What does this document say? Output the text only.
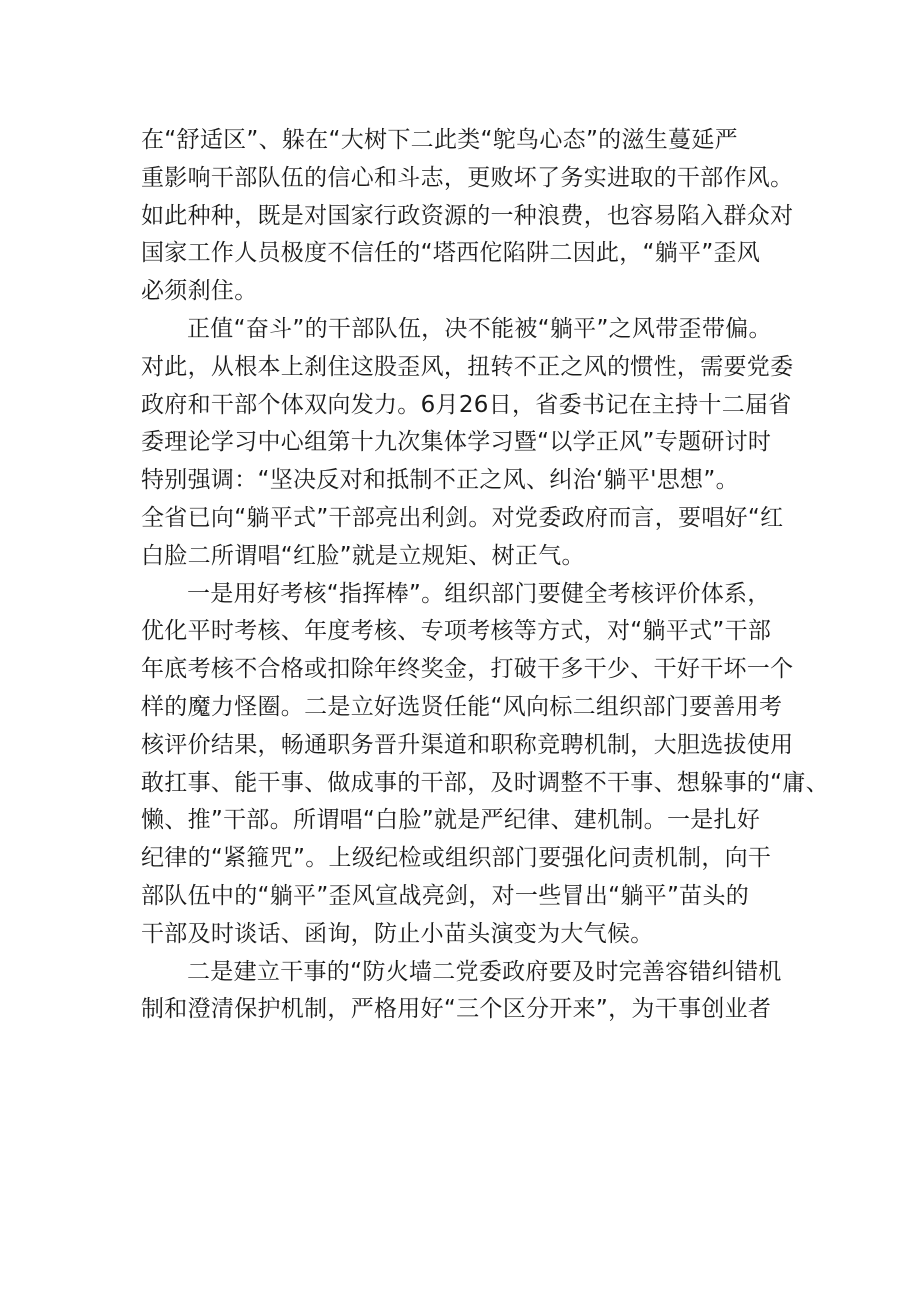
在“舒适区”、躲在“大树下二此类“鸵鸟心态”的滋生蔓延严
重影响干部队伍的信心和斗志，更败坏了务实进取的干部作风。
如此种种，既是对国家行政资源的一种浪费，也容易陷入群众对
国家工作人员极度不信任的“塔西佗陷阱二因此，“躺平”歪风
必须刹住。
正值“奋斗”的干部队伍，决不能被“躺平”之风带歪带偏。
对此，从根本上刹住这股歪风，扭转不正之风的惯性，需要党委
政府和干部个体双向发力。6月26日，省委书记在主持十二届省
委理论学习中心组第十九次集体学习暨“以学正风”专题研讨时
特别强调：“坚决反对和抵制不正之风、纠治‘躺平'思想”。
全省已向“躺平式”干部亮出利剑。对党委政府而言，要唱好“红
白脸二所谓唱“红脸”就是立规矩、树正气。
一是用好考核“指挥棒”。组织部门要健全考核评价体系，
优化平时考核、年度考核、专项考核等方式，对“躺平式”干部
年底考核不合格或扣除年终奖金，打破干多干少、干好干坏一个
样的魔力怪圈。二是立好选贤任能“风向标二组织部门要善用考
核评价结果，畅通职务晋升渠道和职称竞聘机制，大胆选拔使用
敢扛事、能干事、做成事的干部，及时调整不干事、想躲事的“庸、
懒、推”干部。所谓唱“白脸”就是严纪律、建机制。一是扎好
纪律的“紧箍咒”。上级纪检或组织部门要强化问责机制，向干
部队伍中的“躺平”歪风宣战亮剑，对一些冒出“躺平”苗头的
干部及时谈话、函询，防止小苗头演变为大气候。
二是建立干事的“防火墙二党委政府要及时完善容错纠错机
制和澄清保护机制，严格用好“三个区分开来”，为干事创业者
